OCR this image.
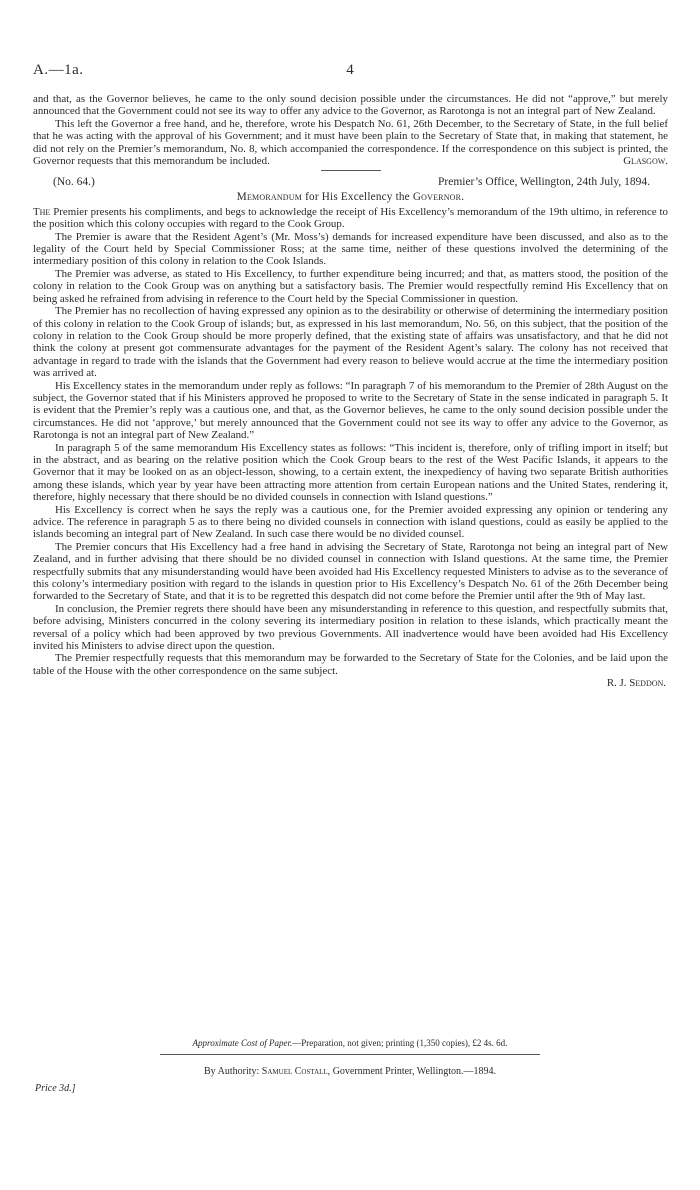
A.—1a.	4

and that, as the Governor believes, he came to the only sound decision possible under the circumstances. He did not “approve,” but merely announced that the Government could not see its way to offer any advice to the Governor, as Rarotonga is not an integral part of New Zealand.

This left the Governor a free hand, and he, therefore, wrote his Despatch No. 61, 26th December, to the Secretary of State, in the full belief that he was acting with the approval of his Government; and it must have been plain to the Secretary of State that, in making that statement, he did not rely on the Premier’s memorandum, No. 8, which accompanied the correspondence. If the correspondence on this subject is printed, the Governor requests that this memorandum be included.	Glasgow.

(No. 64.)	Premier’s Office, Wellington, 24th July, 1894.
Memorandum for His Excellency the Governor.

The Premier presents his compliments, and begs to acknowledge the receipt of His Excellency’s memorandum of the 19th ultimo, in reference to the position which this colony occupies with regard to the Cook Group.

The Premier is aware that the Resident Agent’s (Mr. Moss’s) demands for increased expenditure have been discussed, and also as to the legality of the Court held by Special Commissioner Ross; at the same time, neither of these questions involved the determining of the intermediary position of this colony in relation to the Cook Islands.

The Premier was adverse, as stated to His Excellency, to further expenditure being incurred; and that, as matters stood, the position of the colony in relation to the Cook Group was on anything but a satisfactory basis. The Premier would respectfully remind His Excellency that on being asked he refrained from advising in reference to the Court held by the Special Commissioner in question.

The Premier has no recollection of having expressed any opinion as to the desirability or otherwise of determining the intermediary position of this colony in relation to the Cook Group of islands; but, as expressed in his last memorandum, No. 56, on this subject, that the position of the colony in relation to the Cook Group should be more properly defined, that the existing state of affairs was unsatisfactory, and that he did not think the colony at present got commensurate advantages for the payment of the Resident Agent’s salary. The colony has not received that advantage in regard to trade with the islands that the Government had every reason to believe would accrue at the time the intermediary position was arrived at.

His Excellency states in the memorandum under reply as follows: “In paragraph 7 of his memorandum to the Premier of 28th August on the subject, the Governor stated that if his Ministers approved he proposed to write to the Secretary of State in the sense indicated in paragraph 5. It is evident that the Premier’s reply was a cautious one, and that, as the Governor believes, he came to the only sound decision possible under the circumstances. He did not ‘approve,’ but merely announced that the Government could not see its way to offer any advice to the Governor, as Rarotonga is not an integral part of New Zealand.”

In paragraph 5 of the same memorandum His Excellency states as follows: “This incident is, therefore, only of trifling import in itself; but in the abstract, and as bearing on the relative position which the Cook Group bears to the rest of the West Pacific Islands, it appears to the Governor that it may be looked on as an object-lesson, showing, to a certain extent, the inexpediency of having two separate British authorities among these islands, which year by year have been attracting more attention from certain European nations and the United States, rendering it, therefore, highly necessary that there should be no divided counsels in connection with Island questions.”

His Excellency is correct when he says the reply was a cautious one, for the Premier avoided expressing any opinion or tendering any advice. The reference in paragraph 5 as to there being no divided counsels in connection with island questions, could as easily be applied to the islands becoming an integral part of New Zealand. In such case there would be no divided counsel.

The Premier concurs that His Excellency had a free hand in advising the Secretary of State, Rarotonga not being an integral part of New Zealand, and in further advising that there should be no divided counsel in connection with Island questions. At the same time, the Premier respectfully submits that any misunderstanding would have been avoided had His Excellency requested Ministers to advise as to the severance of this colony’s intermediary position with regard to the islands in question prior to His Excellency’s Despatch No. 61 of the 26th December being forwarded to the Secretary of State, and that it is to be regretted this despatch did not come before the Premier until after the 9th of May last.

In conclusion, the Premier regrets there should have been any misunderstanding in reference to this question, and respectfully submits that, before advising, Ministers concurred in the colony severing its intermediary position in relation to these islands, which practically meant the reversal of a policy which had been approved by two previous Governments. All inadvertence would have been avoided had His Excellency invited his Ministers to advise direct upon the question.

The Premier respectfully requests that this memorandum may be forwarded to the Secretary of State for the Colonies, and be laid upon the table of the House with the other correspondence on the same subject.

R. J. Seddon.

Approximate Cost of Paper.—Preparation, not given; printing (1,350 copies), £2 4s. 6d.
By Authority: Samuel Costall, Government Printer, Wellington.—1894.
Price 3d.]
